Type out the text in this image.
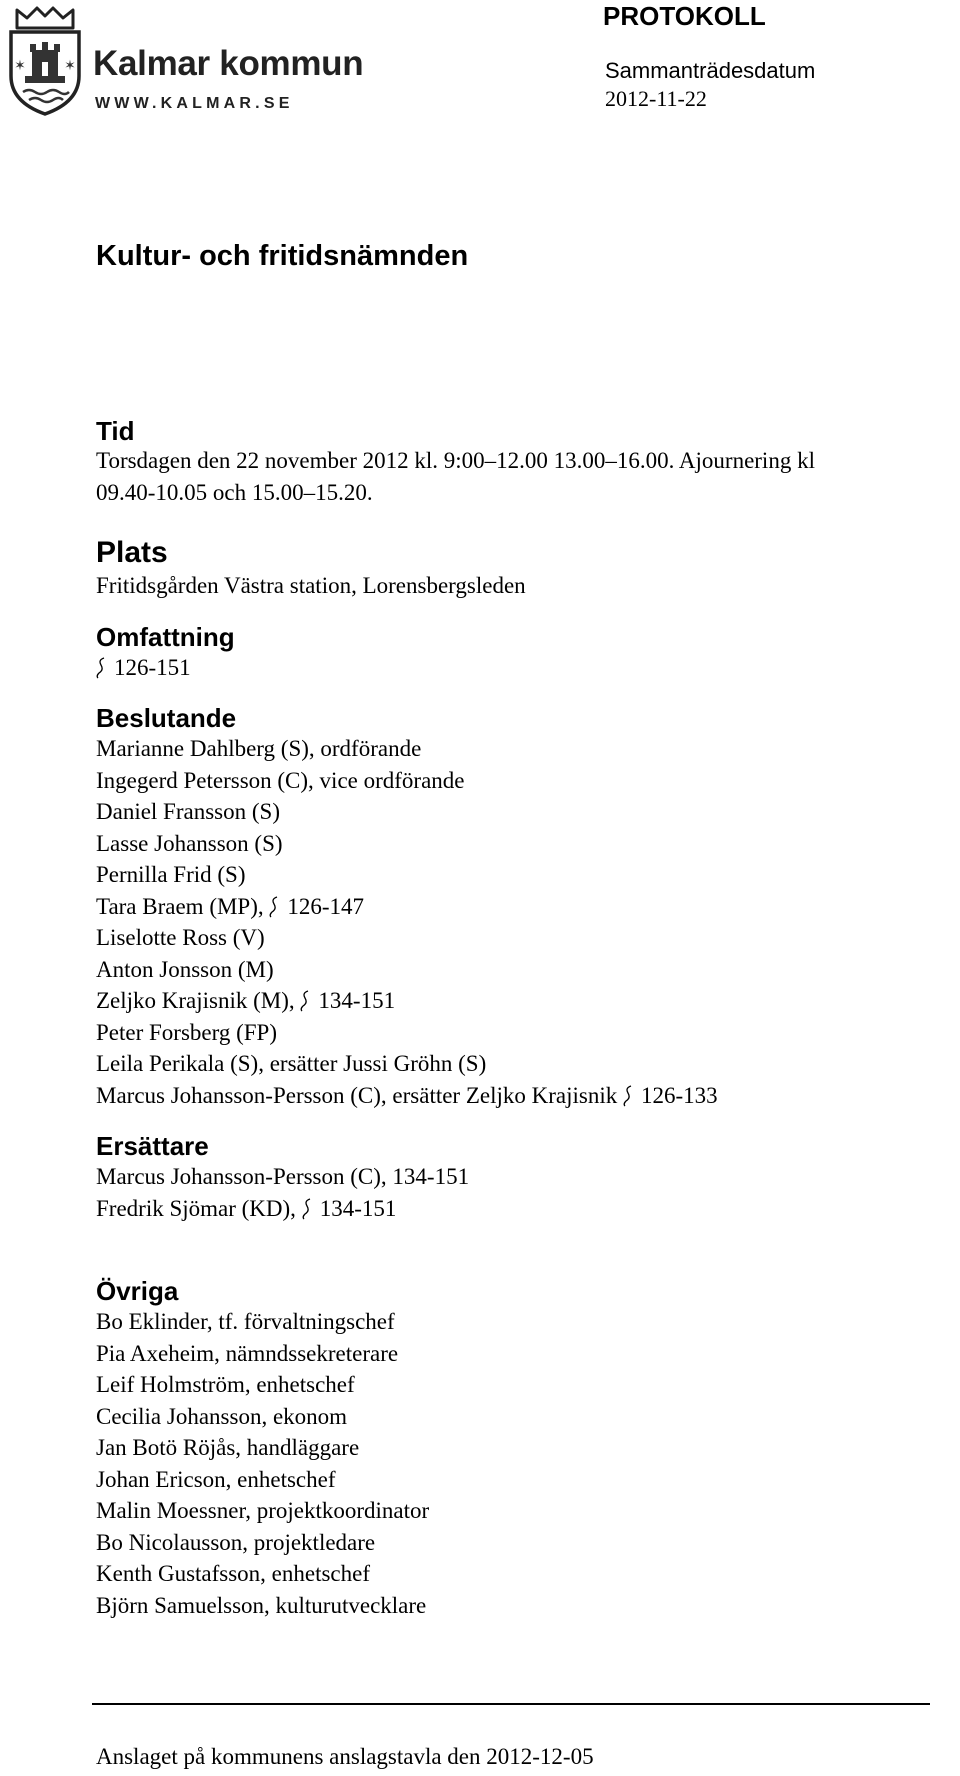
✶	✶ Kalmar kommun
WWW.KALMAR.SE
PROTOKOLL
Sammanträdesdatum
2012-11-22
Kultur- och fritidsnämnden
Tid
Torsdagen den 22 november 2012 kl. 9:00–12.00 13.00–16.00. Ajournering kl
09.40-10.05 och 15.00–15.20.
Plats
Fritidsgården Västra station, Lorensbergsleden
Omfattning
126-151
Beslutande
Marianne Dahlberg (S), ordförande
Ingegerd Petersson (C), vice ordförande
Daniel Fransson (S)
Lasse Johansson (S)
Pernilla Frid (S)
Tara Braem (MP), 126-147
Liselotte Ross (V)
Anton Jonsson (M)
Zeljko Krajisnik (M), 134-151
Peter Forsberg (FP)
Leila Perikala (S), ersätter Jussi Gröhn (S)
Marcus Johansson-Persson (C), ersätter Zeljko Krajisnik 126-133
Ersättare
Marcus Johansson-Persson (C), 134-151
Fredrik Sjömar (KD), 134-151
Övriga
Bo Eklinder, tf. förvaltningschef
Pia Axeheim, nämndssekreterare
Leif Holmström, enhetschef
Cecilia Johansson, ekonom
Jan Botö Röjås, handläggare
Johan Ericson, enhetschef
Malin Moessner, projektkoordinator
Bo Nicolausson, projektledare
Kenth Gustafsson, enhetschef
Björn Samuelsson, kulturutvecklare
Anslaget på kommunens anslagstavla den 2012-12-05
